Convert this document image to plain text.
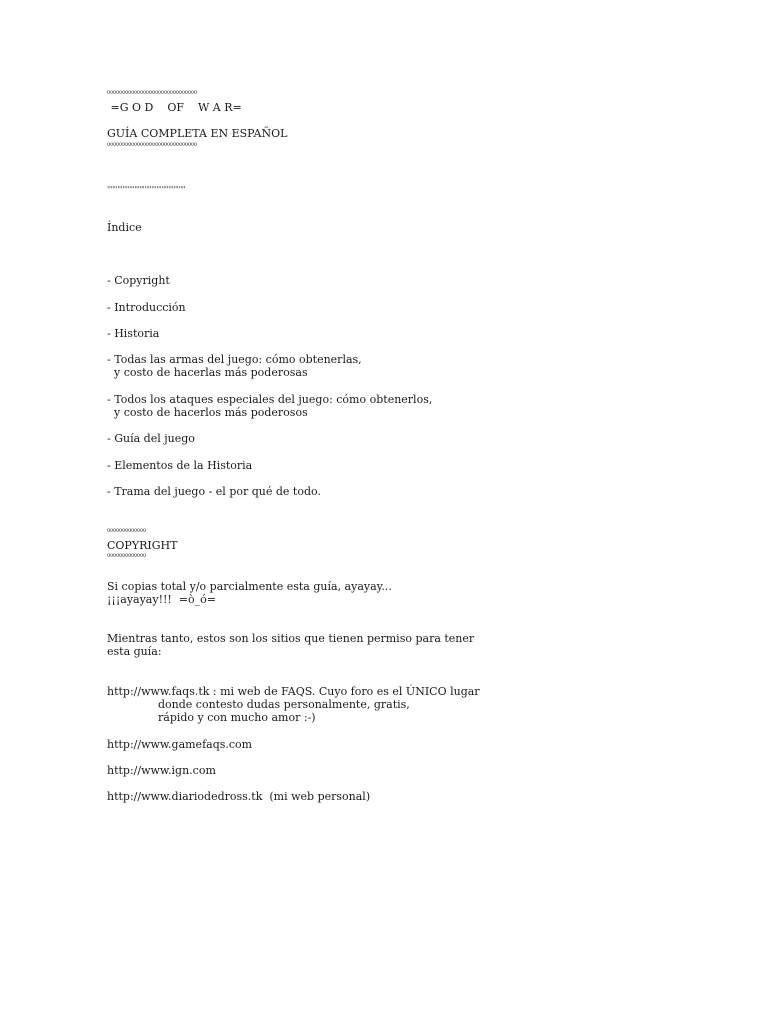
ºººººººººººººººººººººººººººººº
=G O D    OF    W A R=
GUÍA COMPLETA EN ESPAÑOL
ºººººººººººººººººººººººººººººº
''''''''''''''''''''''''''''''''''''''''''''''
Índice
- Copyright
- Introducción
- Historia
- Todas las armas del juego: cómo obtenerlas,
y costo de hacerlas más poderosas
- Todos los ataques especiales del juego: cómo obtenerlos,
y costo de hacerlos más poderosos
- Guía del juego
- Elementos de la Historia
- Trama del juego - el por qué de todo.
ººººººººººººº
COPYRIGHT
ººººººººººººº
Si copias total y/o parcialmente esta guía, ayayay...
¡¡¡ayayay!!!  =ò_ó=
Mientras tanto, estos son los sitios que tienen permiso para tener
esta guía:
http://www.faqs.tk : mi web de FAQS. Cuyo foro es el ÚNICO lugar
donde contesto dudas personalmente, gratis,
rápido y con mucho amor :-)
http://www.gamefaqs.com
http://www.ign.com
http://www.diariodedross.tk  (mi web personal)
